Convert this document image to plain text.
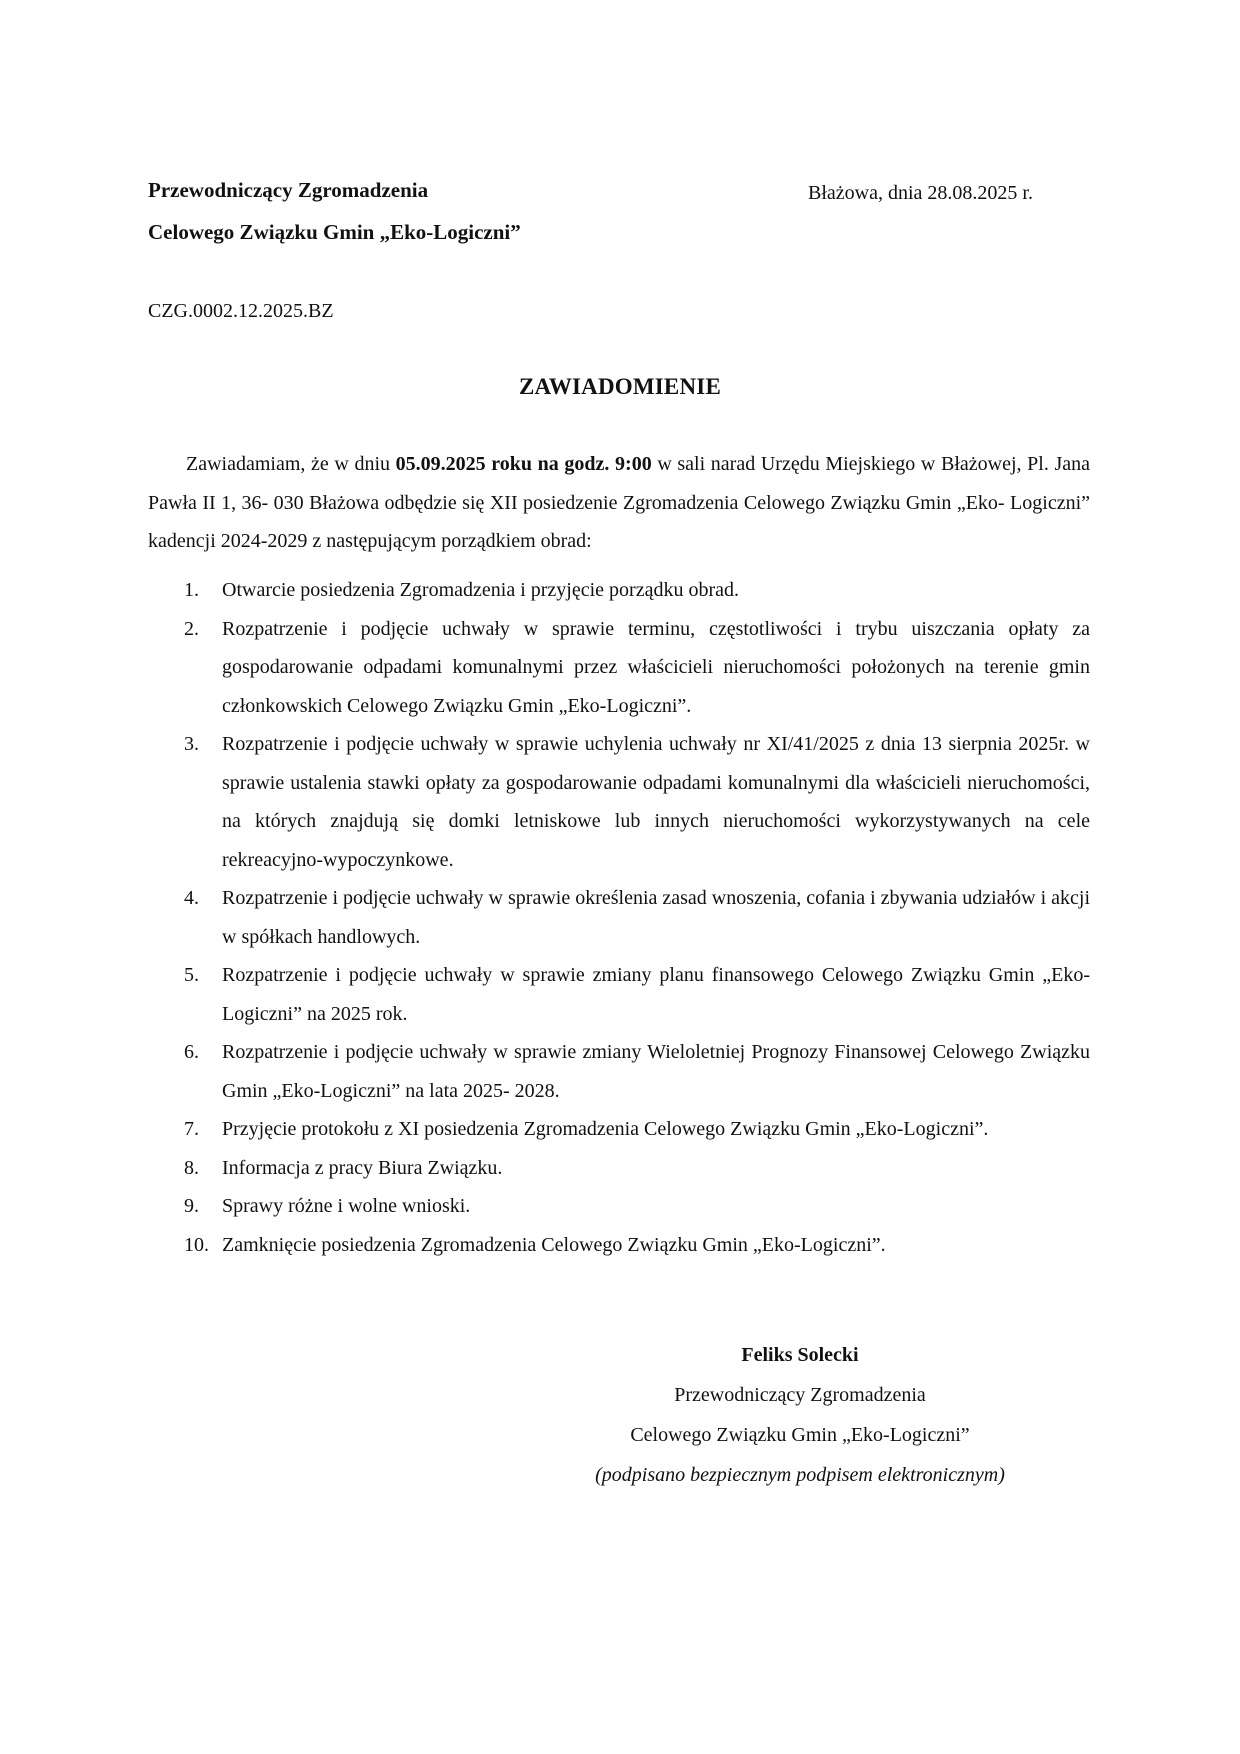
Przewodniczący Zgromadzenia
Celowego Związku Gmin „Eko-Logiczni”
Błażowa, dnia 28.08.2025 r.
CZG.0002.12.2025.BZ
ZAWIADOMIENIE

Zawiadamiam, że w dniu 05.09.2025 roku na godz. 9:00 w sali narad Urzędu Miejskiego w Błażowej, Pl. Jana Pawła II 1, 36- 030 Błażowa odbędzie się XII posiedzenie Zgromadzenia Celowego Związku Gmin „Eko- Logiczni” kadencji 2024-2029 z następującym porządkiem obrad:

1. Otwarcie posiedzenia Zgromadzenia i przyjęcie porządku obrad.
2. Rozpatrzenie i podjęcie uchwały w sprawie terminu, częstotliwości i trybu uiszczania opłaty za gospodarowanie odpadami komunalnymi przez właścicieli nieruchomości położonych na terenie gmin członkowskich Celowego Związku Gmin „Eko-Logiczni”.
3. Rozpatrzenie i podjęcie uchwały w sprawie uchylenia uchwały nr XI/41/2025 z dnia 13 sierpnia 2025r. w sprawie ustalenia stawki opłaty za gospodarowanie odpadami komunalnymi dla właścicieli nieruchomości, na których znajdują się domki letniskowe lub innych nieruchomości wykorzystywanych na cele rekreacyjno-wypoczynkowe.
4. Rozpatrzenie i podjęcie uchwały w sprawie określenia zasad wnoszenia, cofania i zbywania udziałów i akcji w spółkach handlowych.
5. Rozpatrzenie i podjęcie uchwały w sprawie zmiany planu finansowego Celowego Związku Gmin „Eko-Logiczni” na 2025 rok.
6. Rozpatrzenie i podjęcie uchwały w sprawie zmiany Wieloletniej Prognozy Finansowej Celowego Związku Gmin „Eko-Logiczni” na lata 2025- 2028.
7. Przyjęcie protokołu z XI posiedzenia Zgromadzenia Celowego Związku Gmin „Eko-Logiczni”.
8. Informacja z pracy Biura Związku.
9. Sprawy różne i wolne wnioski.
10. Zamknięcie posiedzenia Zgromadzenia Celowego Związku Gmin „Eko-Logiczni”.
Feliks Solecki
Przewodniczący Zgromadzenia
Celowego Związku Gmin „Eko-Logiczni”
(podpisano bezpiecznym podpisem elektronicznym)
